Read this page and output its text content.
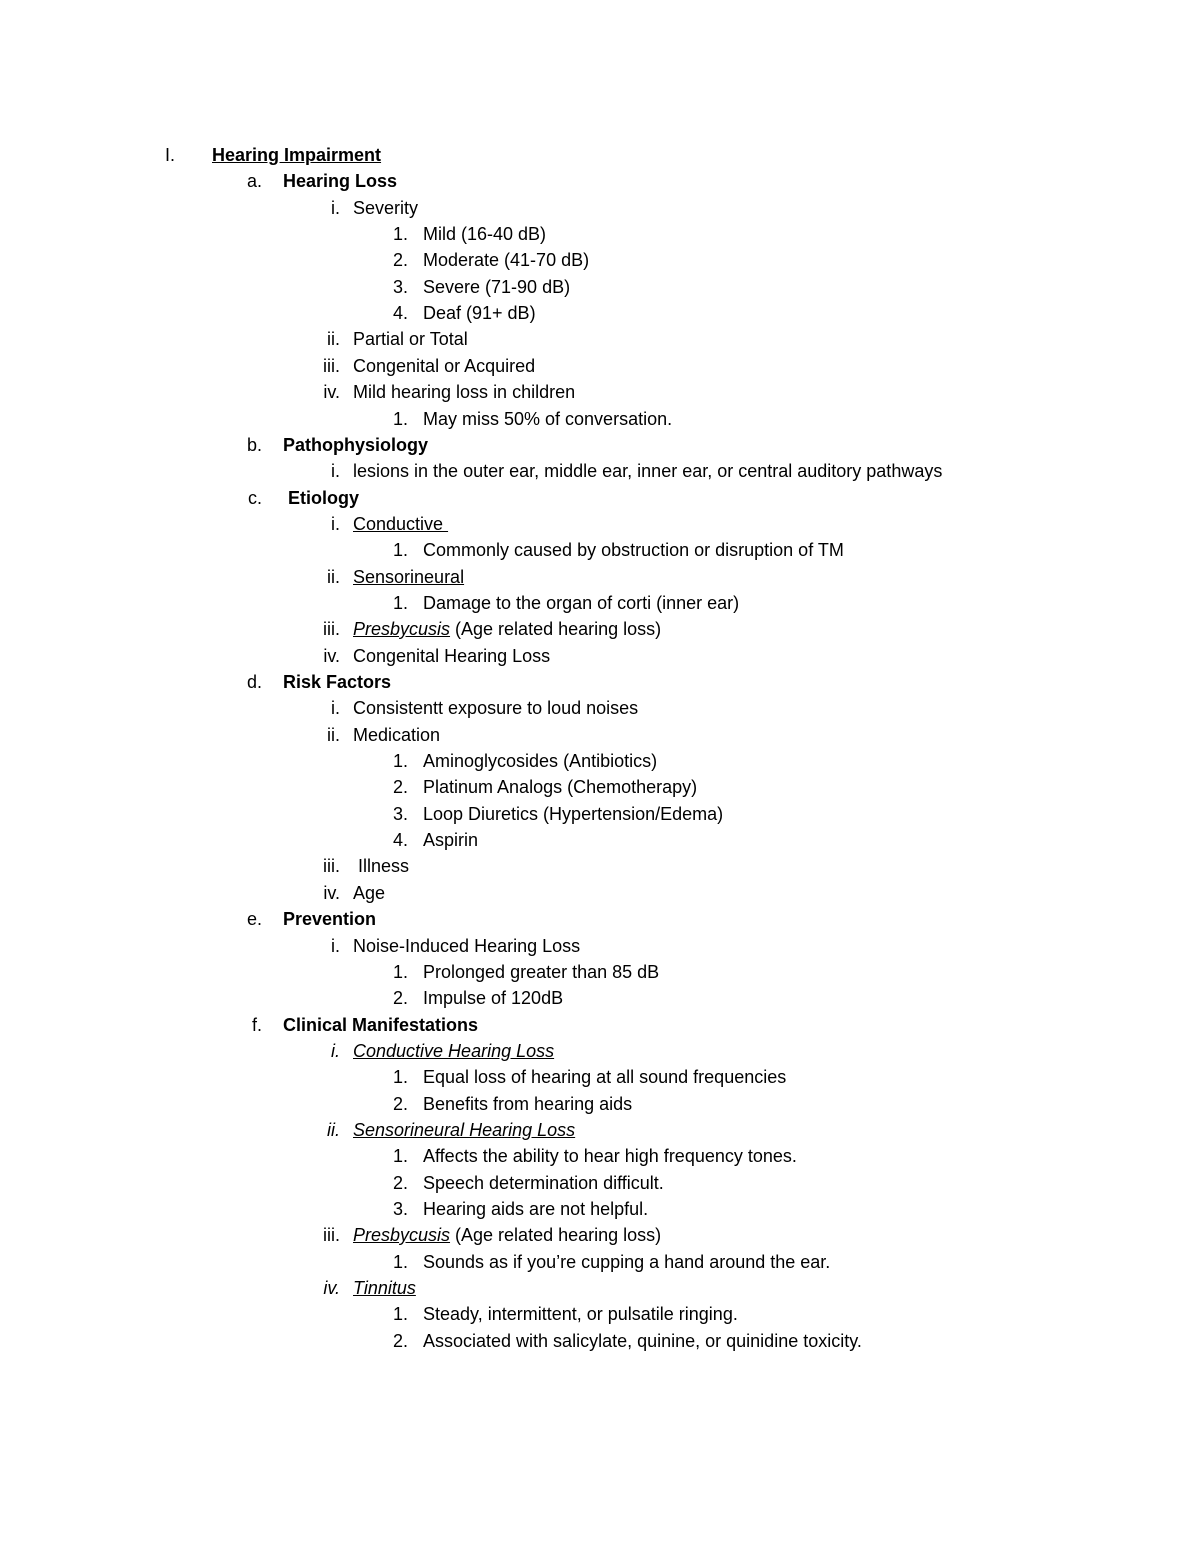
I.	Hearing Impairment
a. Hearing Loss
i. Severity
1. Mild (16-40 dB)
2. Moderate (41-70 dB)
3. Severe (71-90 dB)
4. Deaf (91+ dB)
ii. Partial or Total
iii. Congenital or Acquired
iv. Mild hearing loss in children
1. May miss 50% of conversation.
b. Pathophysiology
i. lesions in the outer ear, middle ear, inner ear, or central auditory pathways
c. Etiology
i. Conductive
1. Commonly caused by obstruction or disruption of TM
ii. Sensorineural
1. Damage to the organ of corti (inner ear)
iii. Presbycusis (Age related hearing loss)
iv. Congenital Hearing Loss
d. Risk Factors
i. Consistentt exposure to loud noises
ii. Medication
1. Aminoglycosides (Antibiotics)
2. Platinum Analogs (Chemotherapy)
3. Loop Diuretics (Hypertension/Edema)
4. Aspirin
iii. Illness
iv. Age
e. Prevention
i. Noise-Induced Hearing Loss
1. Prolonged greater than 85 dB
2. Impulse of 120dB
f. Clinical Manifestations
i. Conductive Hearing Loss
1. Equal loss of hearing at all sound frequencies
2. Benefits from hearing aids
ii. Sensorineural Hearing Loss
1. Affects the ability to hear high frequency tones.
2. Speech determination difficult.
3. Hearing aids are not helpful.
iii. Presbycusis (Age related hearing loss)
1. Sounds as if you’re cupping a hand around the ear.
iv. Tinnitus
1. Steady, intermittent, or pulsatile ringing.
2. Associated with salicylate, quinine, or quinidine toxicity.
